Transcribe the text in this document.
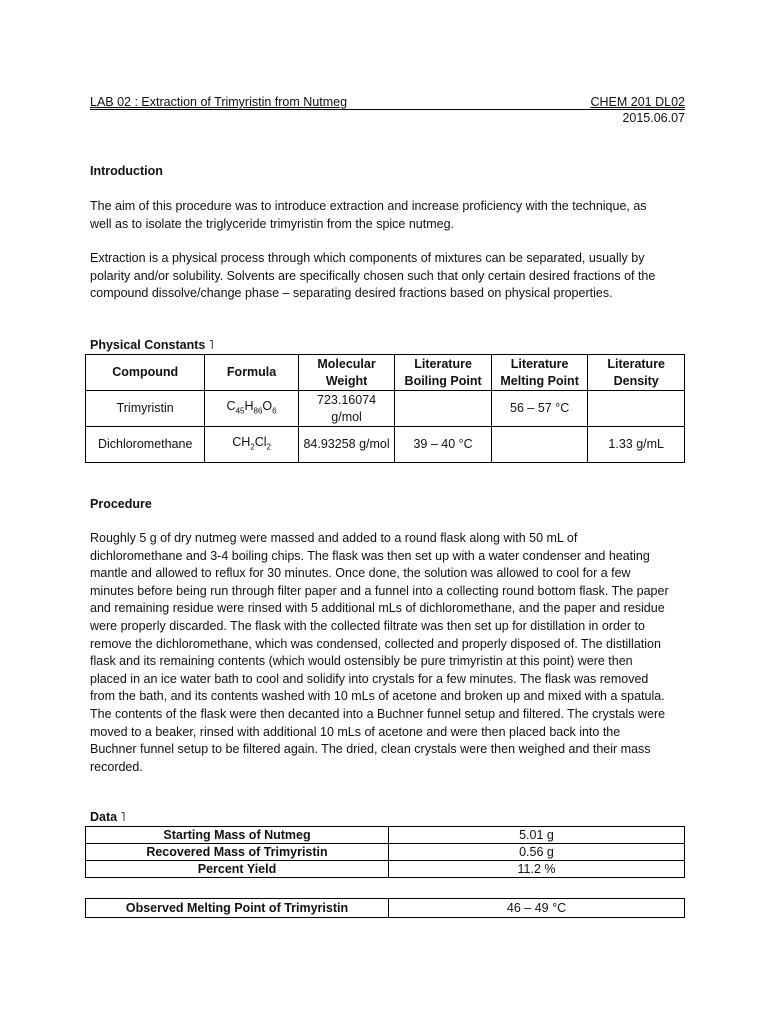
LAB 02 : Extraction of Trimyristin from Nutmeg	CHEM 201 DL02
2015.06.07
Introduction
The aim of this procedure was to introduce extraction and increase proficiency with the technique, as well as to isolate the triglyceride trimyristin from the spice nutmeg.
Extraction is a physical process through which components of mixtures can be separated, usually by polarity and/or solubility. Solvents are specifically chosen such that only certain desired fractions of the compound dissolve/change phase – separating desired fractions based on physical properties.
Physical Constants ˥
Compound	Formula	Molecular Weight	Literature Boiling Point	Literature Melting Point	Literature Density
Trimyristin	$C_{45}H_{86}O_6$	723.16074 g/mol		56 – 57 °C	
Dichloromethane	$CH_2Cl_2$	84.93258 g/mol	39 – 40 °C		1.33 g/mL
Procedure
Roughly 5 g of dry nutmeg were massed and added to a round flask along with 50 mL of dichloromethane and 3-4 boiling chips. The flask was then set up with a water condenser and heating mantle and allowed to reflux for 30 minutes. Once done, the solution was allowed to cool for a few minutes before being run through filter paper and a funnel into a collecting round bottom flask. The paper and remaining residue were rinsed with 5 additional mLs of dichloromethane, and the paper and residue were properly discarded. The flask with the collected filtrate was then set up for distillation in order to remove the dichloromethane, which was condensed, collected and properly disposed of. The distillation flask and its remaining contents (which would ostensibly be pure trimyristin at this point) were then placed in an ice water bath to cool and solidify into crystals for a few minutes. The flask was removed from the bath, and its contents washed with 10 mLs of acetone and broken up and mixed with a spatula. The contents of the flask were then decanted into a Buchner funnel setup and filtered. The crystals were moved to a beaker, rinsed with additional 10 mLs of acetone and were then placed back into the Buchner funnel setup to be filtered again. The dried, clean crystals were then weighed and their mass recorded.
Data ˥
Starting Mass of Nutmeg	5.01 g
Recovered Mass of Trimyristin	0.56 g
Percent Yield	11.2 %
Observed Melting Point of Trimyristin	46 – 49 °C
